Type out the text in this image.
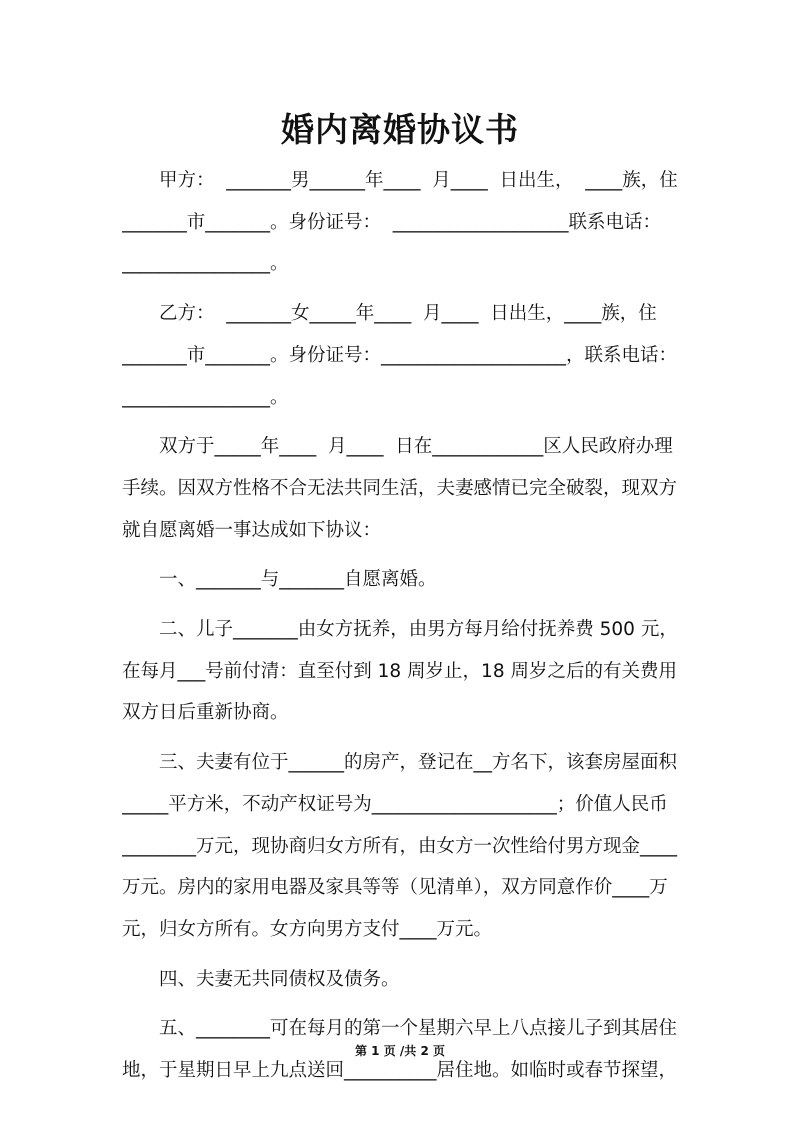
婚内离婚协议书
甲方：  _______男______年____  月____  日出生，  ____族，住
_______市_______。身份证号：  ___________________联系电话：
________________。
乙方：  _______女_____年____  月____  日出生，____族，住
_______市_______。身份证号：____________________，联系电话：
________________。
双方于_____年____  月____  日在____________区人民政府办理
手续。因双方性格不合无法共同生活，夫妻感情已完全破裂，现双方
就自愿离婚一事达成如下协议：
一、_______与_______自愿离婚。
二、儿子_______由女方抚养，由男方每月给付抚养费 500 元，
在每月___号前付清：直至付到 18 周岁止，18 周岁之后的有关费用
双方日后重新协商。
三、夫妻有位于______的房产，登记在__方名下，该套房屋面积
_____平方米，不动产权证号为____________________；价值人民币
________万元，现协商归女方所有，由女方一次性给付男方现金____
万元。房内的家用电器及家具等等（见清单），双方同意作价____万
元，归女方所有。女方向男方支付____万元。
四、夫妻无共同债权及债务。
五、________可在每月的第一个星期六早上八点接儿子到其居住
地，于星期日早上九点送回__________居住地。如临时或春节探望，
第 1 页 /共 2 页
